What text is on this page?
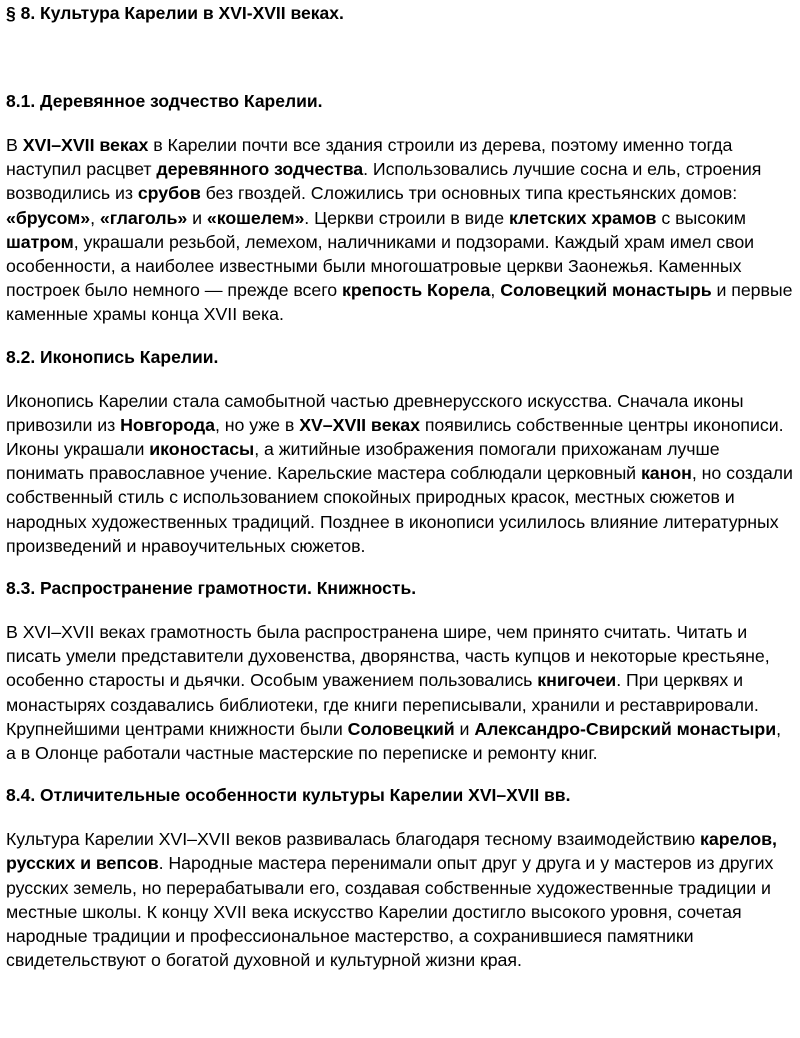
§ 8. Культура Карелии в XVI-XVII веках.
8.1. Деревянное зодчество Карелии.

В XVI–XVII веках в Карелии почти все здания строили из дерева, поэтому именно тогда наступил расцвет деревянного зодчества. Использовались лучшие сосна и ель, строения возводились из срубов без гвоздей. Сложились три основных типа крестьянских домов: «брусом», «глаголь» и «кошелем». Церкви строили в виде клетских храмов с высоким шатром, украшали резьбой, лемехом, наличниками и подзорами. Каждый храм имел свои особенности, а наиболее известными были многошатровые церкви Заонежья. Каменных построек было немного — прежде всего крепость Корела, Соловецкий монастырь и первые каменные храмы конца XVII века.

8.2. Иконопись Карелии.

Иконопись Карелии стала самобытной частью древнерусского искусства. Сначала иконы привозили из Новгорода, но уже в XV–XVII веках появились собственные центры иконописи. Иконы украшали иконостасы, а житийные изображения помогали прихожанам лучше понимать православное учение. Карельские мастера соблюдали церковный канон, но создали собственный стиль с использованием спокойных природных красок, местных сюжетов и народных художественных традиций. Позднее в иконописи усилилось влияние литературных произведений и нравоучительных сюжетов.

8.3. Распространение грамотности. Книжность.

В XVI–XVII веках грамотность была распространена шире, чем принято считать. Читать и писать умели представители духовенства, дворянства, часть купцов и некоторые крестьяне, особенно старосты и дьячки. Особым уважением пользовались книгочеи. При церквях и монастырях создавались библиотеки, где книги переписывали, хранили и реставрировали. Крупнейшими центрами книжности были Соловецкий и Александро-Свирский монастыри, а в Олонце работали частные мастерские по переписке и ремонту книг.

8.4. Отличительные особенности культуры Карелии XVI–XVII вв.

Культура Карелии XVI–XVII веков развивалась благодаря тесному взаимодействию карелов, русских и вепсов. Народные мастера перенимали опыт друг у друга и у мастеров из других русских земель, но перерабатывали его, создавая собственные художественные традиции и местные школы. К концу XVII века искусство Карелии достигло высокого уровня, сочетая народные традиции и профессиональное мастерство, а сохранившиеся памятники свидетельствуют о богатой духовной и культурной жизни края.
